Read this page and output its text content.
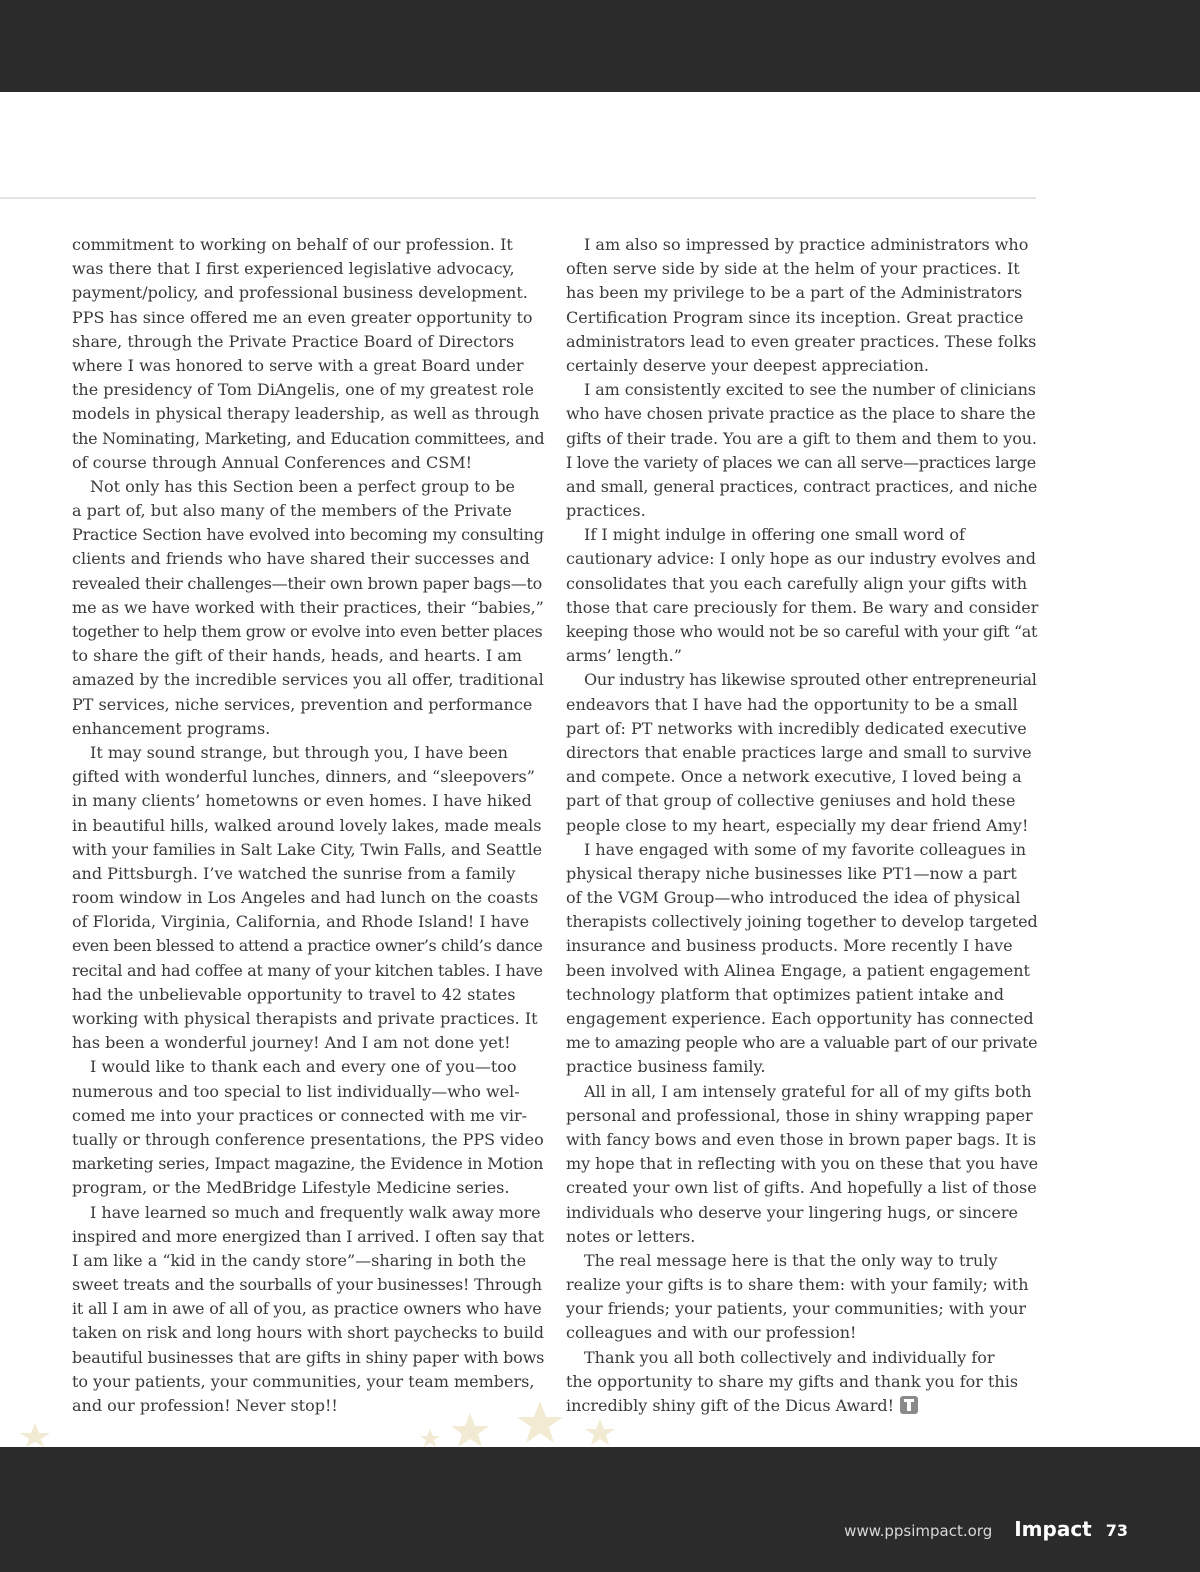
commitment to working on behalf of our profession. It
was there that I first experienced legislative advocacy,
payment/policy, and professional business development.
PPS has since offered me an even greater opportunity to
share, through the Private Practice Board of Directors
where I was honored to serve with a great Board under
the presidency of Tom DiAngelis, one of my greatest role
models in physical therapy leadership, as well as through
the Nominating, Marketing, and Education committees, and
of course through Annual Conferences and CSM!
Not only has this Section been a perfect group to be
a part of, but also many of the members of the Private
Practice Section have evolved into becoming my consulting
clients and friends who have shared their successes and
revealed their challenges—their own brown paper bags—to
me as we have worked with their practices, their “babies,”
together to help them grow or evolve into even better places
to share the gift of their hands, heads, and hearts. I am
amazed by the incredible services you all offer, traditional
PT services, niche services, prevention and performance
enhancement programs.
It may sound strange, but through you, I have been
gifted with wonderful lunches, dinners, and “sleepovers”
in many clients’ hometowns or even homes. I have hiked
in beautiful hills, walked around lovely lakes, made meals
with your families in Salt Lake City, Twin Falls, and Seattle
and Pittsburgh. I’ve watched the sunrise from a family
room window in Los Angeles and had lunch on the coasts
of Florida, Virginia, California, and Rhode Island! I have
even been blessed to attend a practice owner’s child’s dance
recital and had coffee at many of your kitchen tables. I have
had the unbelievable opportunity to travel to 42 states
working with physical therapists and private practices. It
has been a wonderful journey! And I am not done yet!
I would like to thank each and every one of you—too
numerous and too special to list individually—who wel-
comed me into your practices or connected with me vir-
tually or through conference presentations, the PPS video
marketing series, Impact magazine, the Evidence in Motion
program, or the MedBridge Lifestyle Medicine series.
I have learned so much and frequently walk away more
inspired and more energized than I arrived. I often say that
I am like a “kid in the candy store”—sharing in both the
sweet treats and the sourballs of your businesses! Through
it all I am in awe of all of you, as practice owners who have
taken on risk and long hours with short paychecks to build
beautiful businesses that are gifts in shiny paper with bows
to your patients, your communities, your team members,
and our profession! Never stop!!
I am also so impressed by practice administrators who
often serve side by side at the helm of your practices. It
has been my privilege to be a part of the Administrators
Certification Program since its inception. Great practice
administrators lead to even greater practices. These folks
certainly deserve your deepest appreciation.
I am consistently excited to see the number of clinicians
who have chosen private practice as the place to share the
gifts of their trade. You are a gift to them and them to you.
I love the variety of places we can all serve—practices large
and small, general practices, contract practices, and niche
practices.
If I might indulge in offering one small word of
cautionary advice: I only hope as our industry evolves and
consolidates that you each carefully align your gifts with
those that care preciously for them. Be wary and consider
keeping those who would not be so careful with your gift “at
arms’ length.”
Our industry has likewise sprouted other entrepreneurial
endeavors that I have had the opportunity to be a small
part of: PT networks with incredibly dedicated executive
directors that enable practices large and small to survive
and compete. Once a network executive, I loved being a
part of that group of collective geniuses and hold these
people close to my heart, especially my dear friend Amy!
I have engaged with some of my favorite colleagues in
physical therapy niche businesses like PT1—now a part
of the VGM Group—who introduced the idea of physical
therapists collectively joining together to develop targeted
insurance and business products. More recently I have
been involved with Alinea Engage, a patient engagement
technology platform that optimizes patient intake and
engagement experience. Each opportunity has connected
me to amazing people who are a valuable part of our private
practice business family.
All in all, I am intensely grateful for all of my gifts both
personal and professional, those in shiny wrapping paper
with fancy bows and even those in brown paper bags. It is
my hope that in reflecting with you on these that you have
created your own list of gifts. And hopefully a list of those
individuals who deserve your lingering hugs, or sincere
notes or letters.
The real message here is that the only way to truly
realize your gifts is to share them: with your family; with
your friends; your patients, your communities; with your
colleagues and with our profession!
Thank you all both collectively and individually for
the opportunity to share my gifts and thank you for this
incredibly shiny gift of the Dicus Award!
www.ppsimpact.org Impact 73
